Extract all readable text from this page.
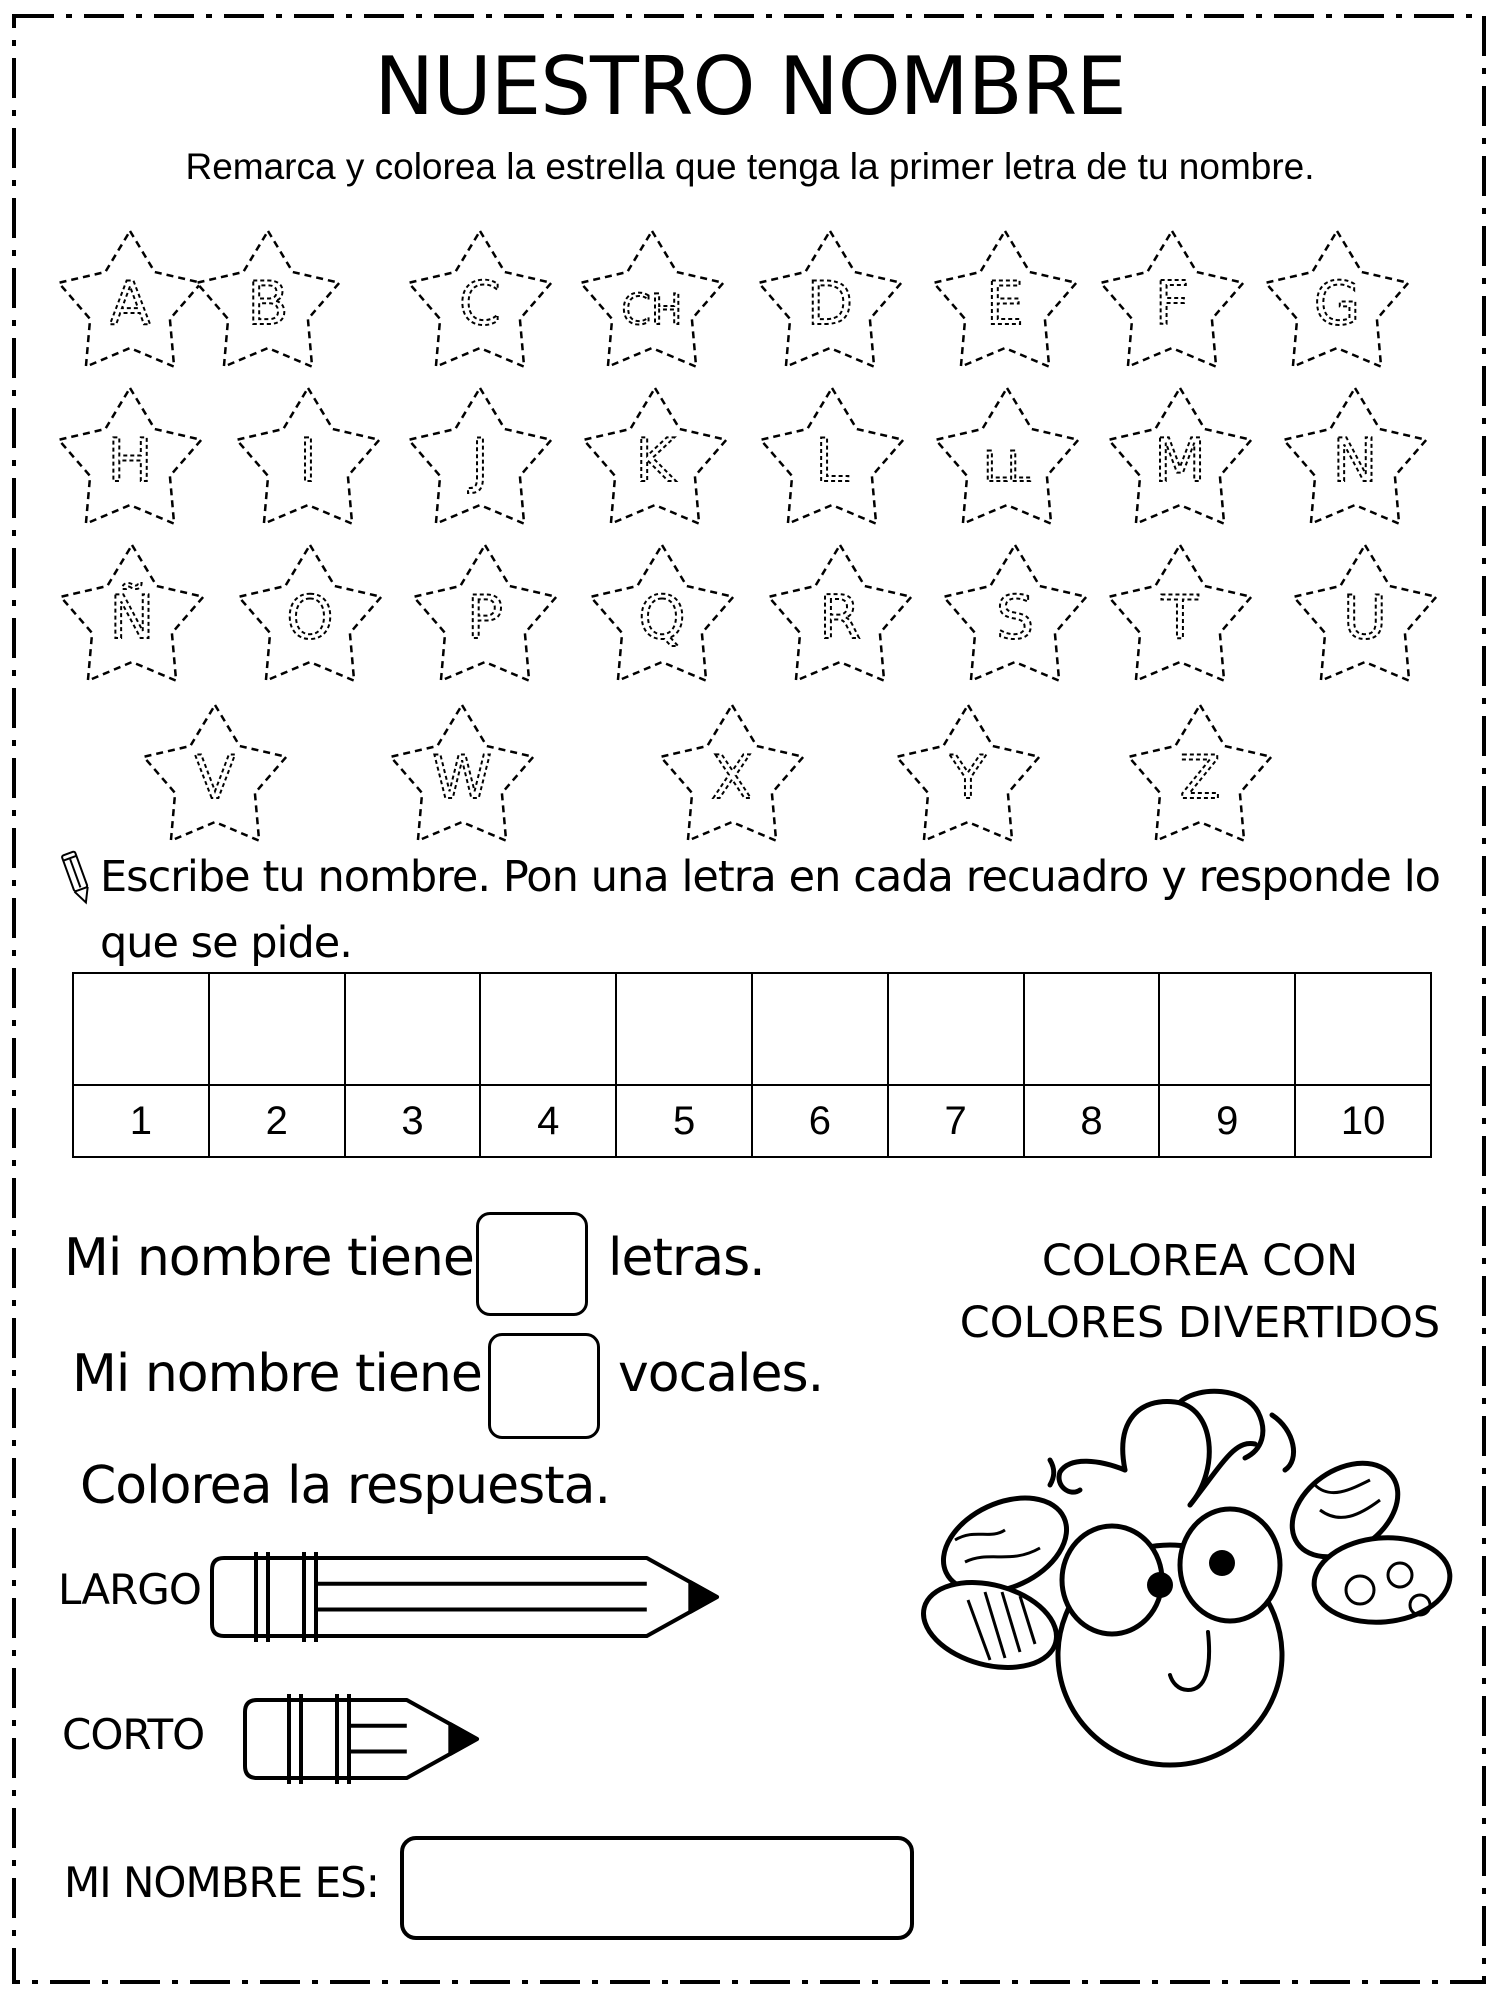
NUESTRO NOMBRE
Remarca y colorea la estrella que tenga la primer letra de tu nombre.
A B	C	CH D E F G
H I	J K L	LL M N
Ñ O P Q R S T U
V	W	X	Y	Z
Escribe tu nombre. Pon una letra en cada recuadro y responde lo que se pide.

1	2	3	4	5	6	7	8	9	10
Mi nombre tiene	letras.
Mi nombre tiene	vocales.
Colorea la respuesta.
COLOREA CON
COLORES DIVERTIDOS
LARGO
CORTO
MI NOMBRE ES:
